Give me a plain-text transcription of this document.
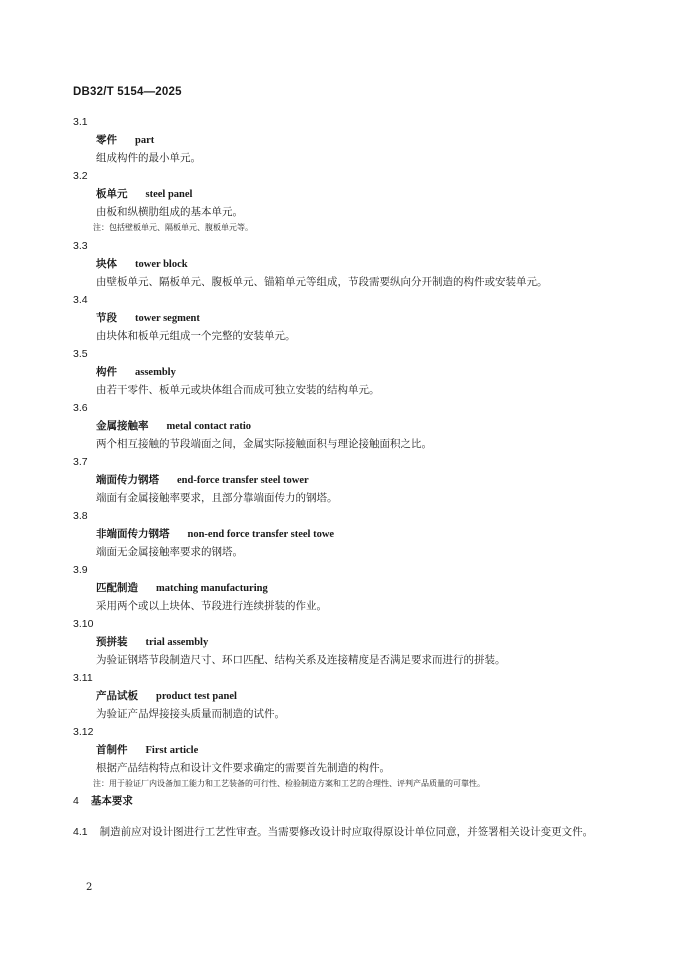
DB32/T 5154—2025
3.1
零件 part
组成构件的最小单元。
3.2
板单元 steel panel
由板和纵横肋组成的基本单元。
注：包括壁板单元、隔板单元、腹板单元等。
3.3
块体 tower block
由壁板单元、隔板单元、腹板单元、锚箱单元等组成，节段需要纵向分开制造的构件或安装单元。
3.4
节段 tower segment
由块体和板单元组成一个完整的安装单元。
3.5
构件 assembly
由若干零件、板单元或块体组合而成可独立安装的结构单元。
3.6
金属接触率 metal contact ratio
两个相互接触的节段端面之间，金属实际接触面积与理论接触面积之比。
3.7
端面传力钢塔 end-force transfer steel tower
端面有金属接触率要求，且部分靠端面传力的钢塔。
3.8
非端面传力钢塔 non-end force transfer steel towe
端面无金属接触率要求的钢塔。
3.9
匹配制造 matching manufacturing
采用两个或以上块体、节段进行连续拼装的作业。
3.10
预拼装 trial assembly
为验证钢塔节段制造尺寸、环口匹配、结构关系及连接精度是否满足要求而进行的拼装。
3.11
产品试板 product test panel
为验证产品焊接接头质量而制造的试件。
3.12
首制件 First article
根据产品结构特点和设计文件要求确定的需要首先制造的构件。
注：用于验证厂内设备加工能力和工艺装备的可行性、检验制造方案和工艺的合理性、评判产品质量的可靠性。
4 基本要求
4.1 制造前应对设计图进行工艺性审查。当需要修改设计时应取得原设计单位同意，并签署相关设计变更文件。
2
